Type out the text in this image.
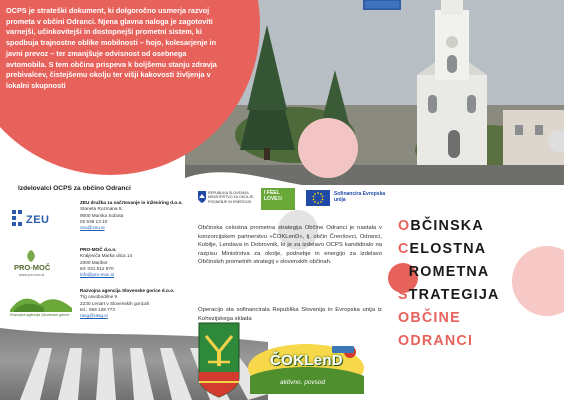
OCPS je strateški dokument, ki dolgoročno usmerja razvoj prometa v občini Odranci. Njena glavna naloga je zagotoviti varnejši, učinkovitejši in dostopnejši prometni sistem, ki spodbuja trajnostne oblike mobilnosti – hojo, kolesarjenje in javni prevoz – ter zmanjšuje odvisnost od osebnega avtomobila. S tem občina prispeva k boljšemu stanju zdravja prebivalcev, čistejšemu okolju ter višji kakovosti življenja v lokalni skupnosti

Izdelovalci OCPS za občino Odranci
ZEU
ZEU družba za načrtovanje in inženiring d.o.o.
Staneta Rozmana 5,
9000 Murska Sobota
02 536 13 10
zeu@zeu.si
PRO-MOČ
www.pro-moc.si
PRO-MOČ d.o.o.
Kraljeviča Marka ulica 14
2000 Maribor
tel: 031 612 870
info@pro-moc.si
Razvojna agencija Slovenske gorice
Razvojna agencija Slovenske gorice d.o.o.
Trg osvobodilne 9
2230 Lenart v Slovenskih goricah
tel.: 059 128 773
rasg@rasg.si
REPUBLIKA SLOVENIJA MINISTRSTVO ZA OKOLJE, PODNEBJE IN ENERGIJO
I FEEL LOVESI
Sofinancira Evropska unija

Občinska celostna prometna strategija Občine Odranci je nastala v konzorcijskem partnerstvu »ČOKLenD«, tj. občin Črenšovci, Odranci, Kobilje, Lendava in Dobrovnik, ki je za izdelavo OCPS kandidiralo na razpisu Ministrstva za okolje, podnebje in energijo za izdelavo Občinskih prometnih strategij v slovenskih občinah.

Operacijo sta sofinancirala Republika Slovenija in Evropska unija iz Kohezijskega sklada

ČOKLenD
aktivno. povsod
OBČINSKA
CELOSTNA
PROMETNA
STRATEGIJA
OBČINE
ODRANCI
